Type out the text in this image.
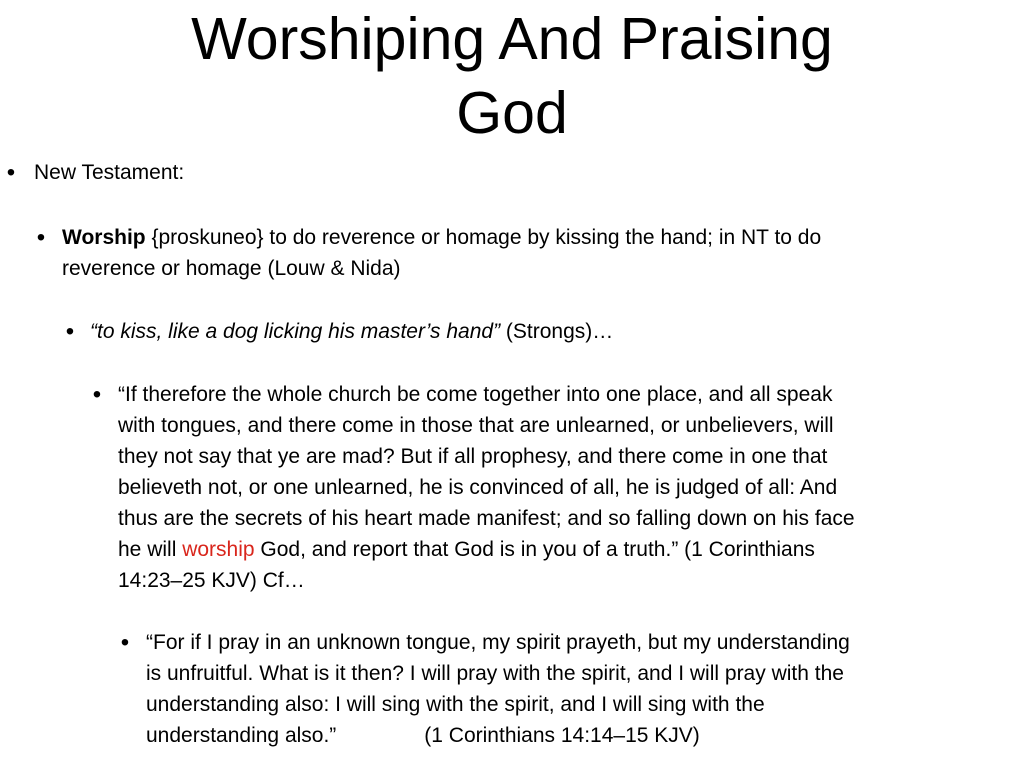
Worshiping And Praising
God
• New Testament:
• Worship {proskuneo} to do reverence or homage by kissing the hand; in NT to do
reverence or homage (Louw & Nida)
• “to kiss, like a dog licking his master’s hand” (Strongs)…
• “If therefore the whole church be come together into one place, and all speak
with tongues, and there come in those that are unlearned, or unbelievers, will
they not say that ye are mad? But if all prophesy, and there come in one that
believeth not, or one unlearned, he is convinced of all, he is judged of all: And
thus are the secrets of his heart made manifest; and so falling down on his face
he will worship God, and report that God is in you of a truth.” (1 Corinthians
14:23–25 KJV) Cf…
• “For if I pray in an unknown tongue, my spirit prayeth, but my understanding
is unfruitful. What is it then? I will pray with the spirit, and I will pray with the
understanding also: I will sing with the spirit, and I will sing with the
understanding also.”	(1 Corinthians 14:14–15 KJV)
